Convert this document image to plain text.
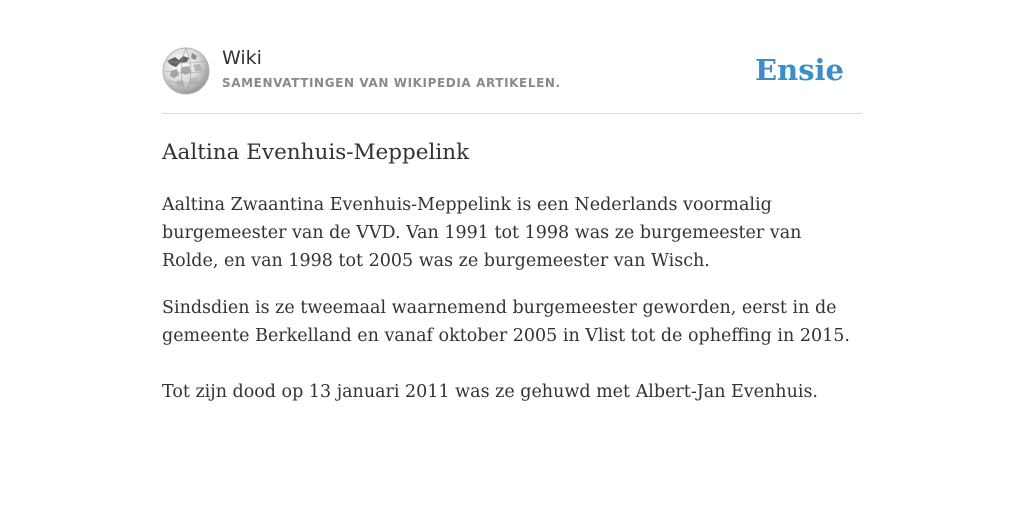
Wiki
SAMENVATTINGEN VAN WIKIPEDIA ARTIKELEN.	Ensie
Aaltina Evenhuis-Meppelink

Aaltina Zwaantina Evenhuis-Meppelink is een Nederlands voormalig burgemeester van de VVD. Van 1991 tot 1998 was ze burgemeester van Rolde, en van 1998 tot 2005 was ze burgemeester van Wisch.

Sindsdien is ze tweemaal waarnemend burgemeester geworden, eerst in de gemeente Berkelland en vanaf oktober 2005 in Vlist tot de opheffing in 2015.

Tot zijn dood op 13 januari 2011 was ze gehuwd met Albert-Jan Evenhuis.
